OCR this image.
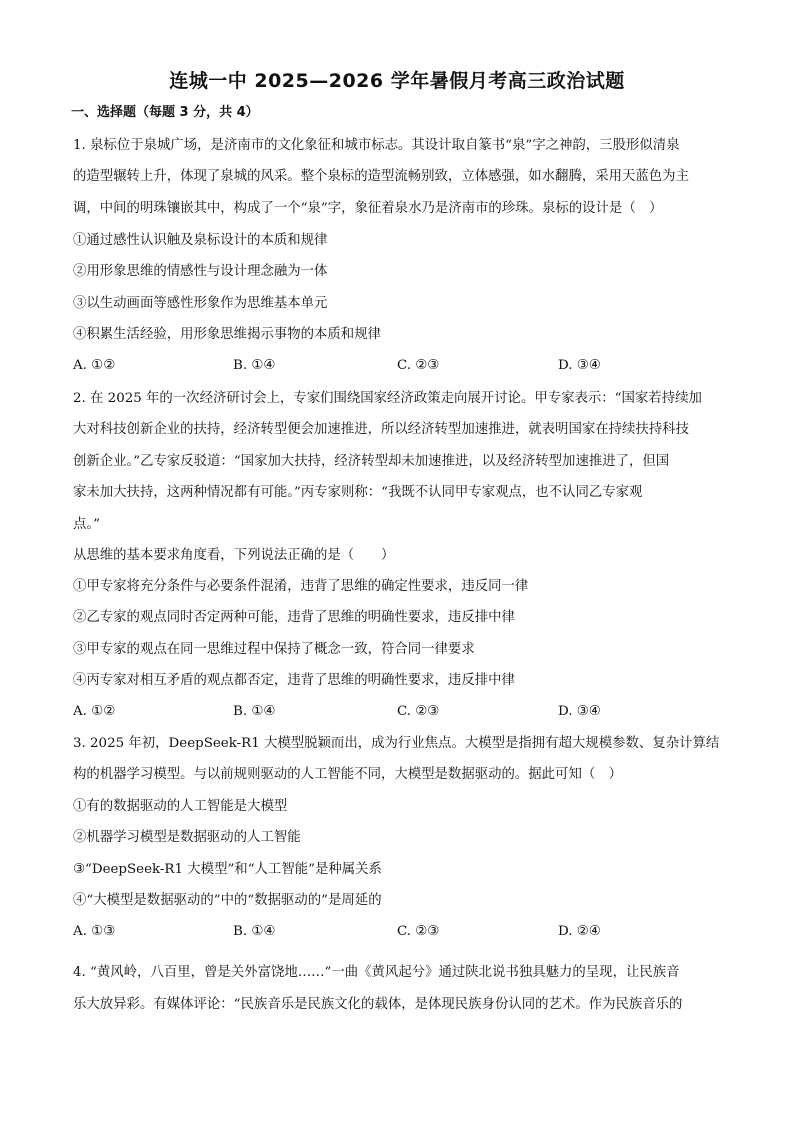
连城一中 2025—2026 学年暑假月考高三政治试题
一、选择题（每题 3 分，共 4）
1. 泉标位于泉城广场，是济南市的文化象征和城市标志。其设计取自篆书“泉”字之神韵，三股形似清泉
的造型辗转上升，体现了泉城的风采。整个泉标的造型流畅别致，立体感强，如水翻腾，采用天蓝色为主
调，中间的明珠镶嵌其中，构成了一个“泉”字，象征着泉水乃是济南市的珍珠。泉标的设计是（　）
①通过感性认识触及泉标设计的本质和规律
②用形象思维的情感性与设计理念融为一体
③以生动画面等感性形象作为思维基本单元
④积累生活经验，用形象思维揭示事物的本质和规律
A. ①②	B. ①④	C. ②③	D. ③④
2. 在 2025 年的一次经济研讨会上，专家们围绕国家经济政策走向展开讨论。甲专家表示：“国家若持续加
大对科技创新企业的扶持，经济转型便会加速推进，所以经济转型加速推进，就表明国家在持续扶持科技
创新企业。”乙专家反驳道：“国家加大扶持，经济转型却未加速推进，以及经济转型加速推进了，但国
家未加大扶持，这两种情况都有可能。”丙专家则称：“我既不认同甲专家观点，也不认同乙专家观
点。”
从思维的基本要求角度看，下列说法正确的是（　　）
①甲专家将充分条件与必要条件混淆，违背了思维的确定性要求，违反同一律
②乙专家的观点同时否定两种可能，违背了思维的明确性要求，违反排中律
③甲专家的观点在同一思维过程中保持了概念一致，符合同一律要求
④丙专家对相互矛盾的观点都否定，违背了思维的明确性要求，违反排中律
A. ①②	B. ①④	C. ②③	D. ③④
3. 2025 年初，DeepSeek-R1 大模型脱颖而出，成为行业焦点。大模型是指拥有超大规模参数、复杂计算结
构的机器学习模型。与以前规则驱动的人工智能不同，大模型是数据驱动的。据此可知（　）
①有的数据驱动的人工智能是大模型
②机器学习模型是数据驱动的人工智能
③“DeepSeek-R1 大模型”和“人工智能”是种属关系
④“大模型是数据驱动的”中的“数据驱动的”是周延的
A. ①③	B. ①④	C. ②③	D. ②④
4. “黄风岭，八百里，曾是关外富饶地……”一曲《黄风起兮》通过陕北说书独具魅力的呈现，让民族音
乐大放异彩。有媒体评论：“民族音乐是民族文化的载体，是体现民族身份认同的艺术。作为民族音乐的
